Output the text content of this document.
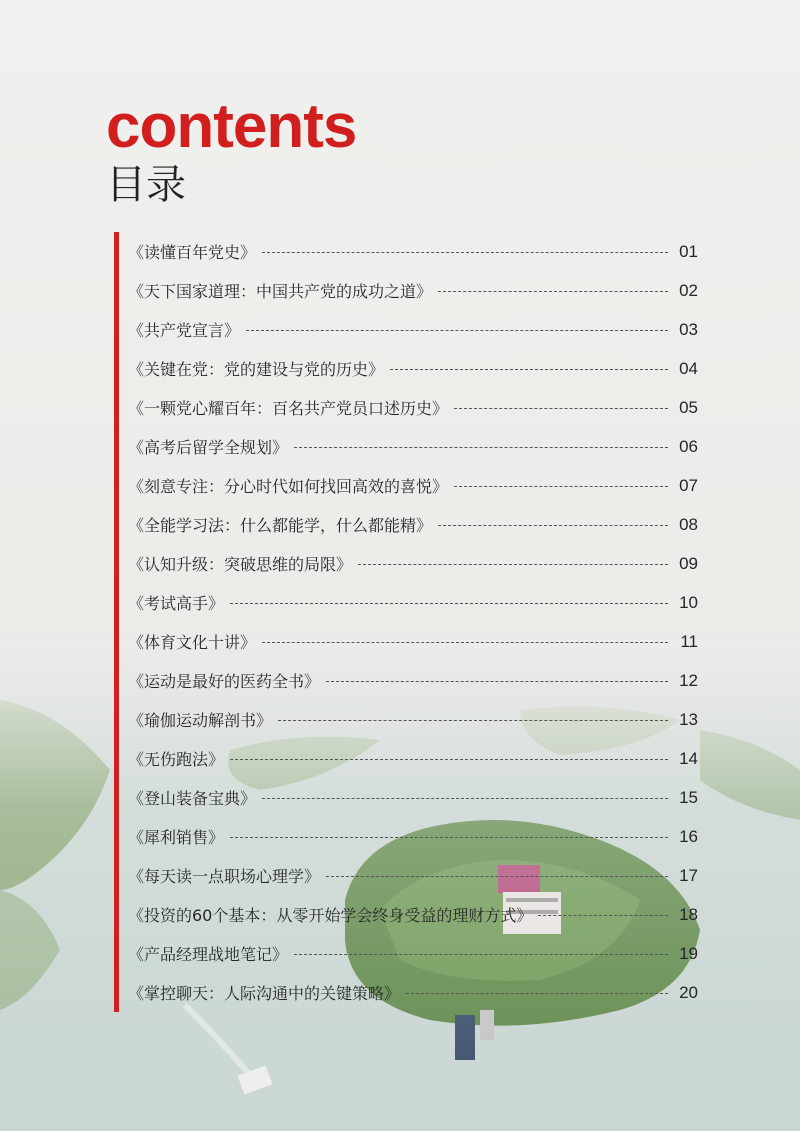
contents
目录
《读懂百年党史》	01
《天下国家道理：中国共产党的成功之道》	02
《共产党宣言》	03
《关键在党：党的建设与党的历史》	04
《一颗党心耀百年：百名共产党员口述历史》	05
《高考后留学全规划》	06
《刻意专注：分心时代如何找回高效的喜悦》	07
《全能学习法：什么都能学，什么都能精》	08
《认知升级：突破思维的局限》	09
《考试高手》	10
《体育文化十讲》	11
《运动是最好的医药全书》	12
《瑜伽运动解剖书》	13
《无伤跑法》	14
《登山装备宝典》	15
《犀利销售》	16
《每天读一点职场心理学》	17
《投资的60个基本：从零开始学会终身受益的理财方式》	18
《产品经理战地笔记》	19
《掌控聊天：人际沟通中的关键策略》	20
